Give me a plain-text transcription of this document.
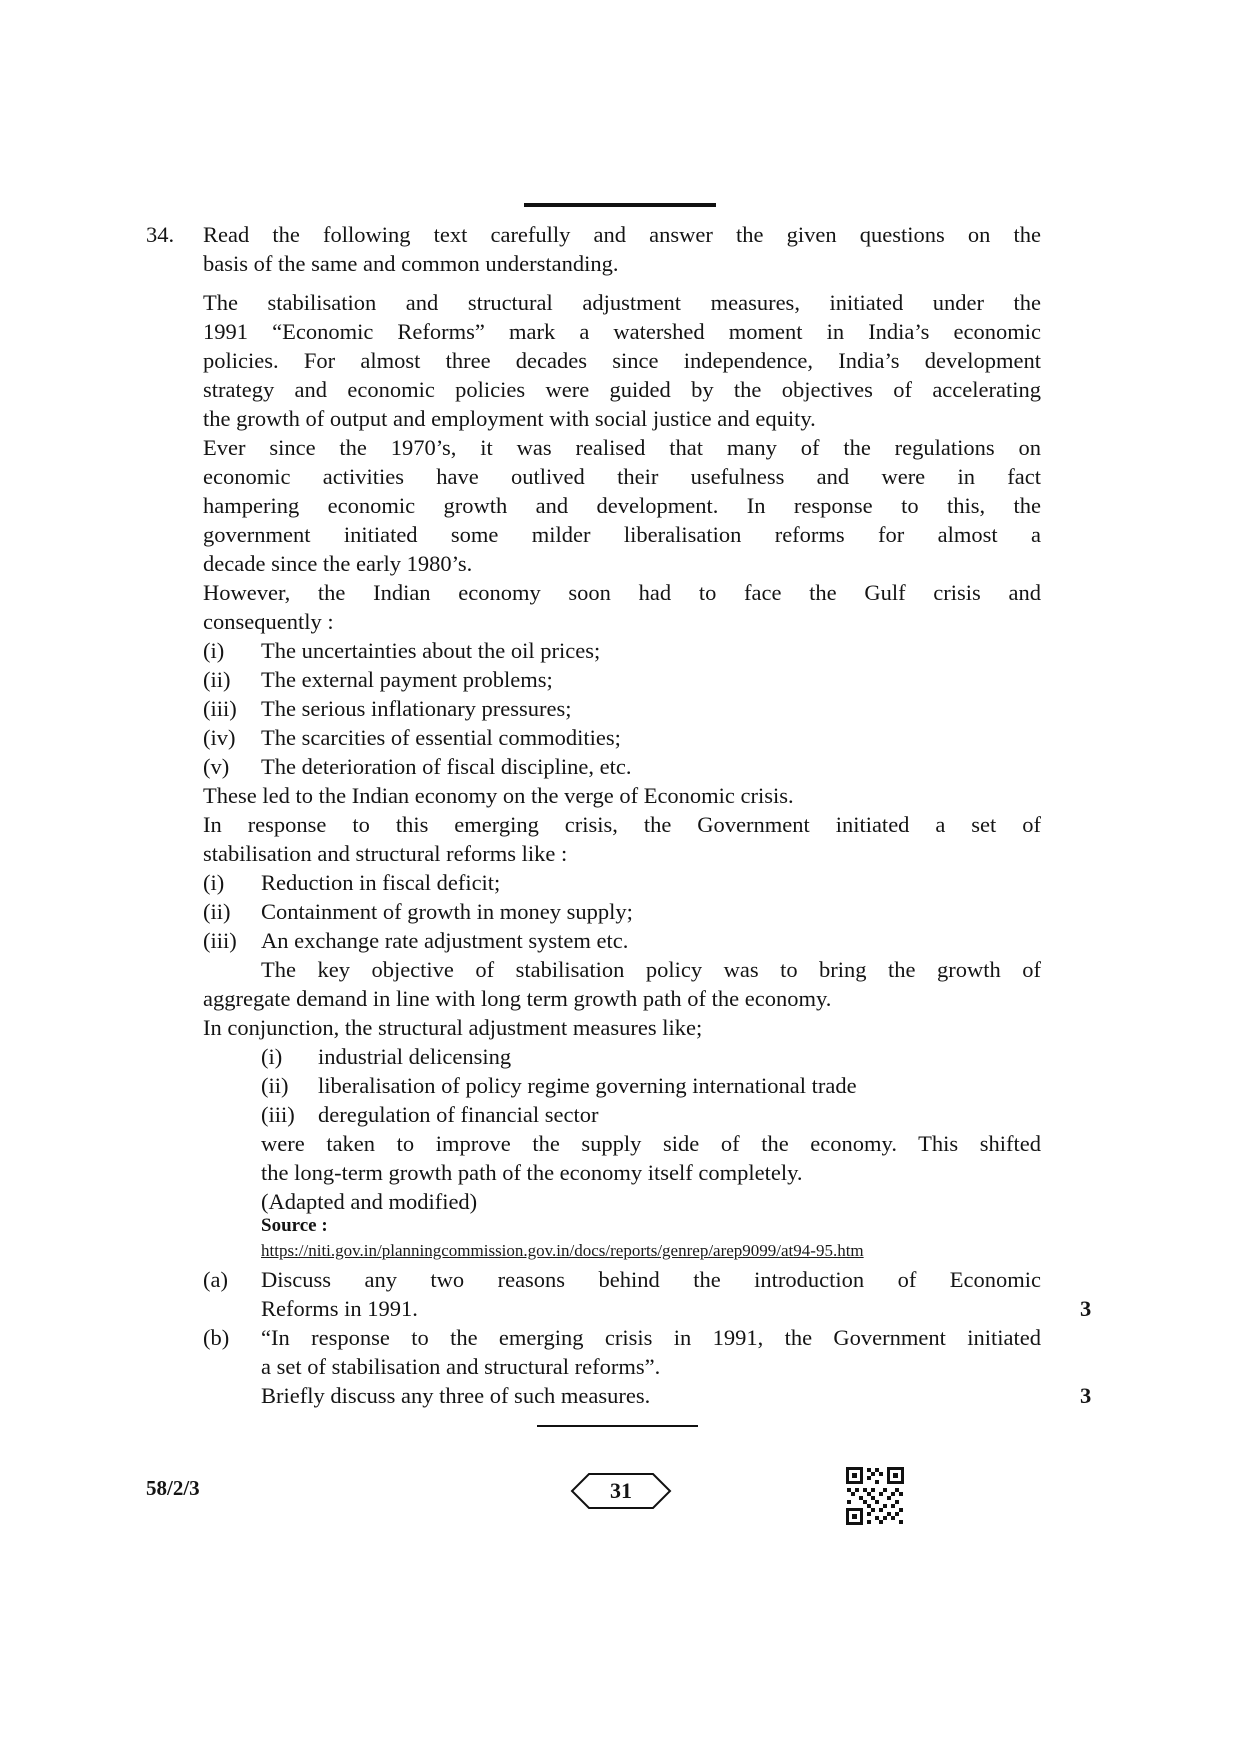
34. Read the following text carefully and answer the given questions on the
basis of the same and common understanding.
The stabilisation and structural adjustment measures, initiated under the
1991 “Economic Reforms” mark a watershed moment in India’s economic
policies. For almost three decades since independence, India’s development
strategy and economic policies were guided by the objectives of accelerating
the growth of output and employment with social justice and equity.
Ever since the 1970’s, it was realised that many of the regulations on
economic activities have outlived their usefulness and were in fact
hampering economic growth and development. In response to this, the
government initiated some milder liberalisation reforms for almost a
decade since the early 1980’s.
However, the Indian economy soon had to face the Gulf crisis and
consequently :
(i) The uncertainties about the oil prices;
(ii) The external payment problems;
(iii) The serious inflationary pressures;
(iv) The scarcities of essential commodities;
(v) The deterioration of fiscal discipline, etc.
These led to the Indian economy on the verge of Economic crisis.
In response to this emerging crisis, the Government initiated a set of
stabilisation and structural reforms like :
(i) Reduction in fiscal deficit;
(ii) Containment of growth in money supply;
(iii) An exchange rate adjustment system etc.
The key objective of stabilisation policy was to bring the growth of
aggregate demand in line with long term growth path of the economy.
In conjunction, the structural adjustment measures like;
(i) industrial delicensing
(ii) liberalisation of policy regime governing international trade
(iii) deregulation of financial sector
were taken to improve the supply side of the economy. This shifted
the long-term growth path of the economy itself completely.
(Adapted and modified)
Source :
https://niti.gov.in/planningcommission.gov.in/docs/reports/genrep/arep9099/at94-95.htm
(a) Discuss any two reasons behind the introduction of Economic
Reforms in 1991.	3
(b) “In response to the emerging crisis in 1991, the Government initiated
a set of stabilisation and structural reforms”.
Briefly discuss any three of such measures.	3
58/2/3	31
